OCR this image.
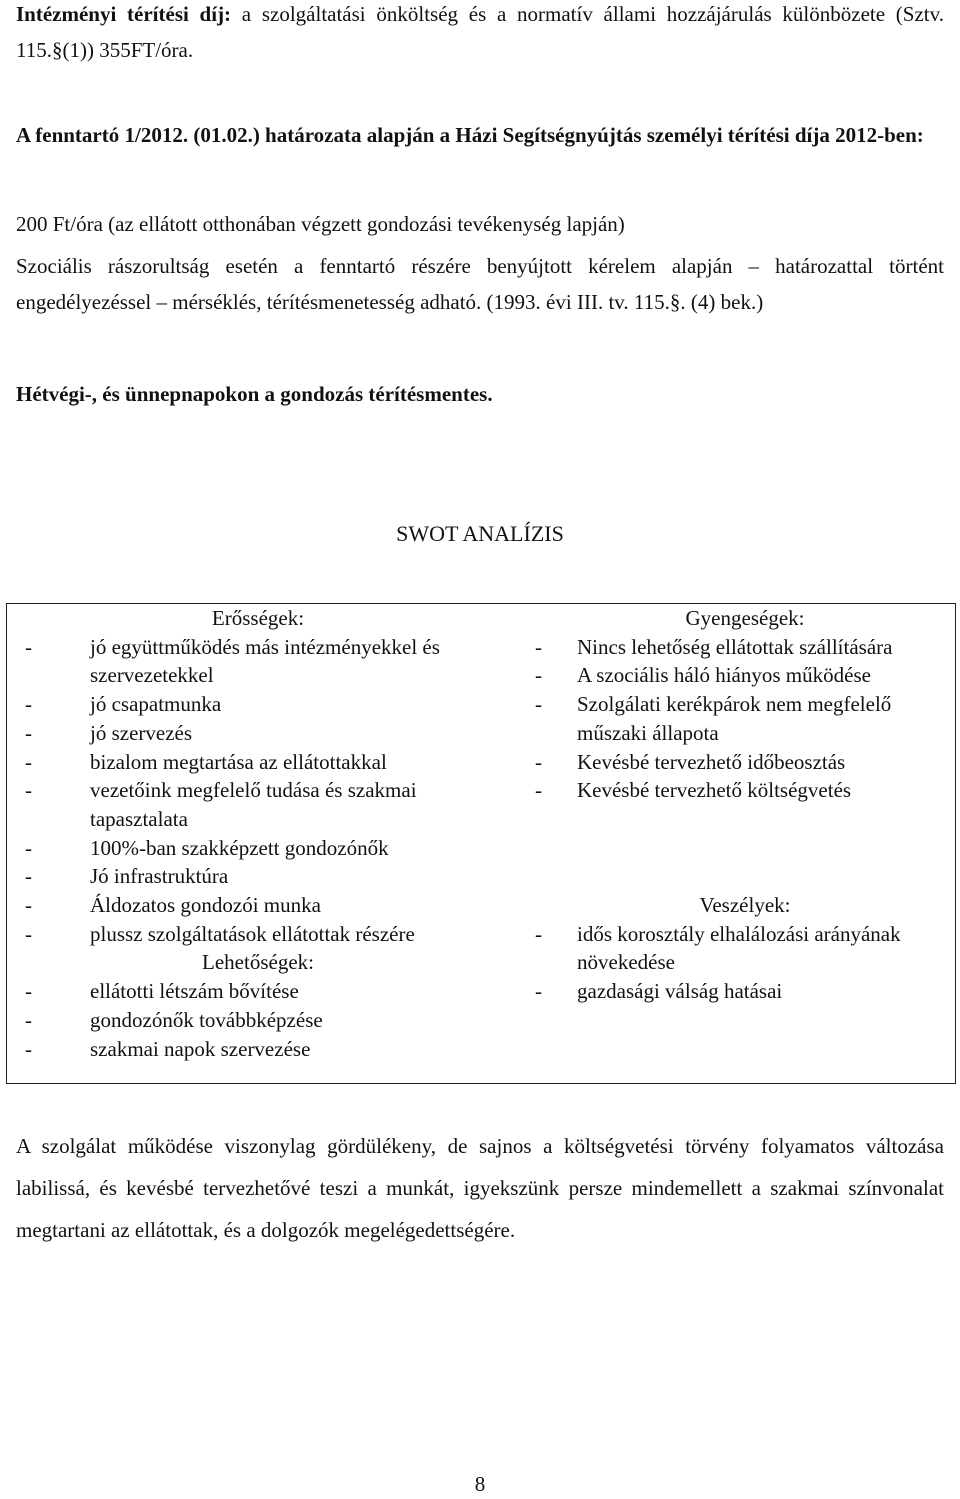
Intézményi térítési díj: a szolgáltatási önköltség és a normatív állami hozzájárulás különbözete (Sztv. 115.§(1)) 355FT/óra.
A fenntartó 1/2012. (01.02.) határozata alapján a Házi Segítségnyújtás személyi térítési díja 2012-ben:
200 Ft/óra (az ellátott otthonában végzett gondozási tevékenység lapján)
Szociális rászorultság esetén a fenntartó részére benyújtott kérelem alapján – határozattal történt engedélyezéssel – mérséklés, térítésmenetesség adható. (1993. évi III. tv. 115.§. (4) bek.)
Hétvégi-, és ünnepnapokon a gondozás térítésmentes.
SWOT ANALÍZIS
Erősségek:
-	jó együttműködés más intézményekkel és szervezetekkel
-	jó csapatmunka
-	jó szervezés
-	bizalom megtartása az ellátottakkal
-	vezetőink megfelelő tudása és szakmai tapasztalata
-	100%-ban szakképzett gondozónők
-	Jó infrastruktúra
-	Áldozatos gondozói munka
-	plussz szolgáltatások ellátottak részére
Lehetőségek:
-	ellátotti létszám bővítése
-	gondozónők továbbképzése
-	szakmai napok szervezése
Gyengeségek:
- Nincs lehetőség ellátottak szállítására
- A szociális háló hiányos működése
- Szolgálati kerékpárok nem megfelelő műszaki állapota
- Kevésbé tervezhető időbeosztás
- Kevésbé tervezhető költségvetés
Veszélyek:
- idős korosztály elhalálozási arányának növekedése
- gazdasági válság hatásai
A szolgálat működése viszonylag gördülékeny, de sajnos a költségvetési törvény folyamatos változása labilissá, és kevésbé tervezhetővé teszi a munkát, igyekszünk persze mindemellett a szakmai színvonalat megtartani az ellátottak, és a dolgozók megelégedettségére.
8
